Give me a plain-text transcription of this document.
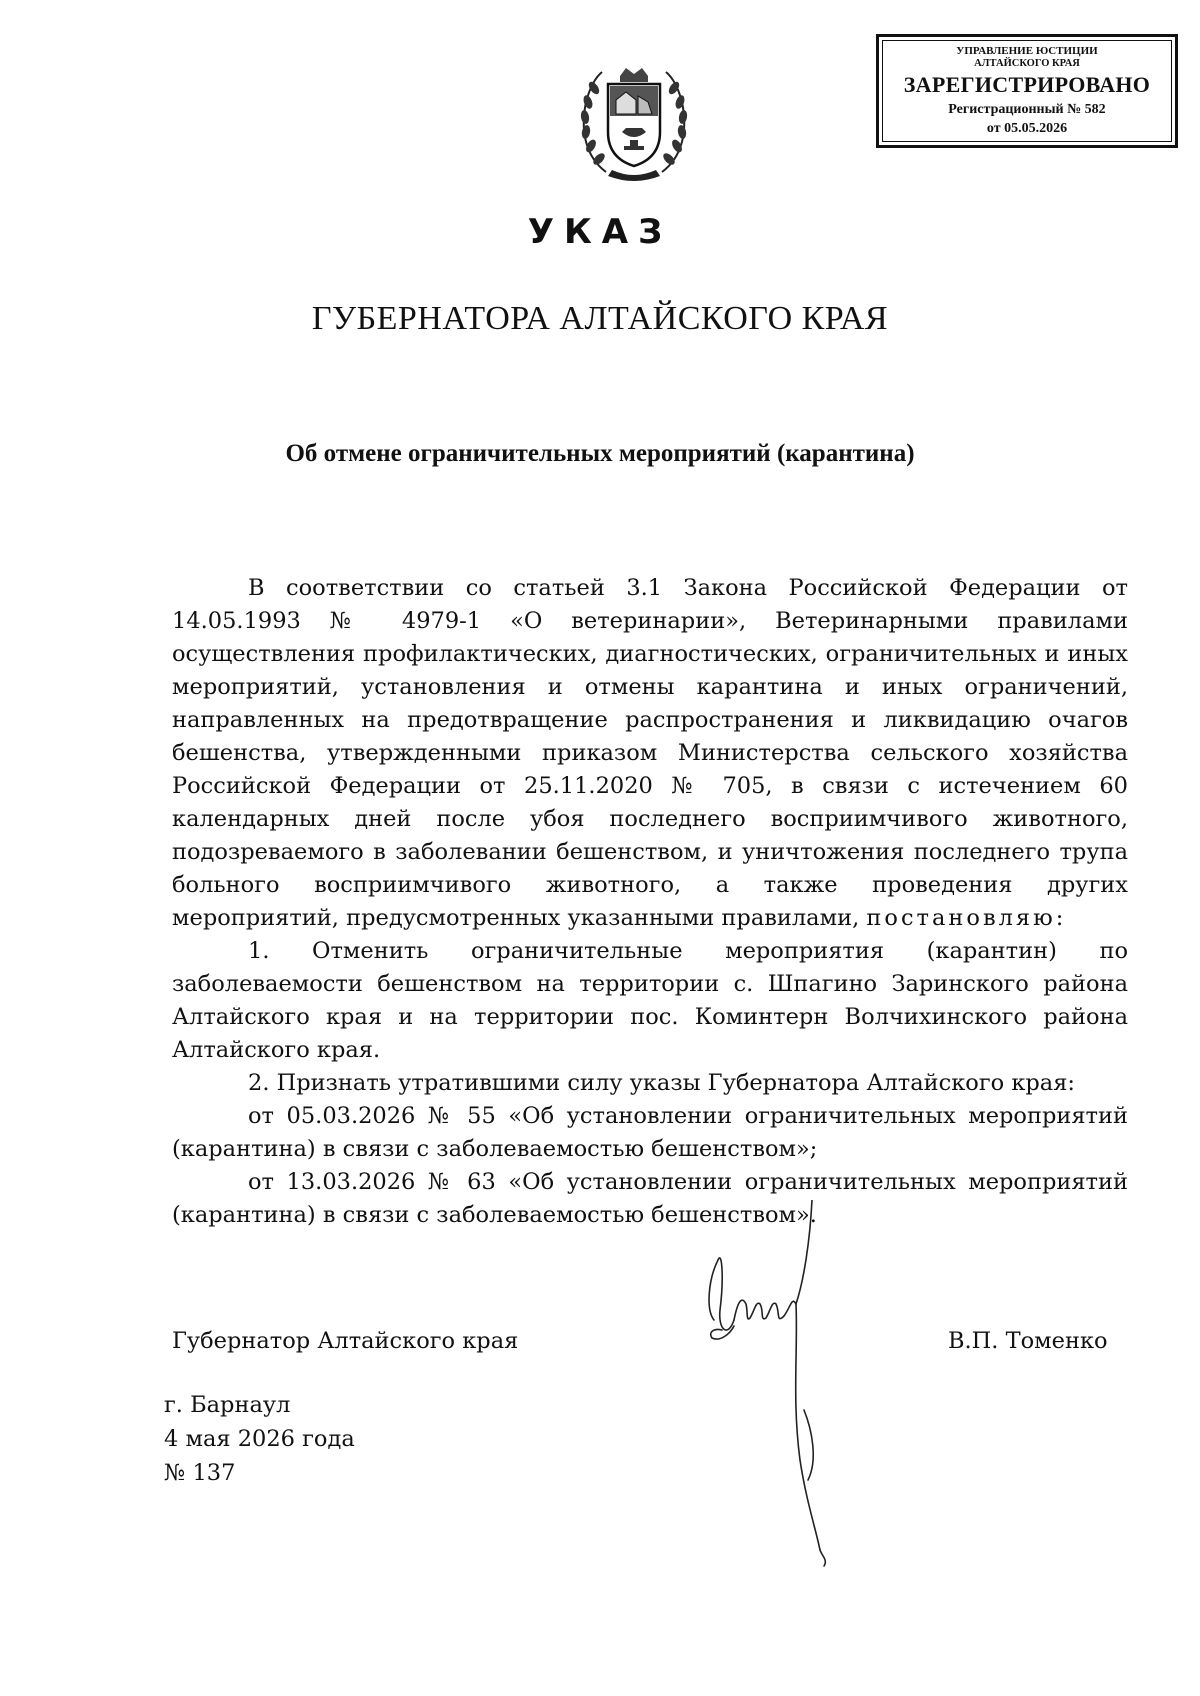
УПРАВЛЕНИЕ ЮСТИЦИИ
АЛТАЙСКОГО КРАЯ
ЗАРЕГИСТРИРОВАНО
Регистрационный № 582
от 05.05.2026
УКАЗ
ГУБЕРНАТОРА АЛТАЙСКОГО КРАЯ
Об отмене ограничительных мероприятий (карантина)

В соответствии со статьей 3.1 Закона Российской Федерации от 14.05.1993 № 4979-1 «О ветеринарии», Ветеринарными правилами осуществления профилактических, диагностических, ограничительных и иных мероприятий, установления и отмены карантина и иных ограничений, направленных на предотвращение распространения и ликвидацию очагов бешенства, утвержденными приказом Министерства сельского хозяйства Российской Федерации от 25.11.2020 № 705, в связи с истечением 60 календарных дней после убоя последнего восприимчивого животного, подозреваемого в заболевании бешенством, и уничтожения последнего трупа больного восприимчивого животного, а также проведения других мероприятий, предусмотренных указанными правилами, постановляю:

1. Отменить ограничительные мероприятия (карантин) по заболеваемости бешенством на территории с. Шпагино Заринского района Алтайского края и на территории пос. Коминтерн Волчихинского района Алтайского края.

2. Признать утратившими силу указы Губернатора Алтайского края:

от 05.03.2026 № 55 «Об установлении ограничительных мероприятий (карантина) в связи с заболеваемостью бешенством»;

от 13.03.2026 № 63 «Об установлении ограничительных мероприятий (карантина) в связи с заболеваемостью бешенством».

Губернатор Алтайского края	В.П. Томенко
г. Барнаул
4 мая 2026 года
№ 137
